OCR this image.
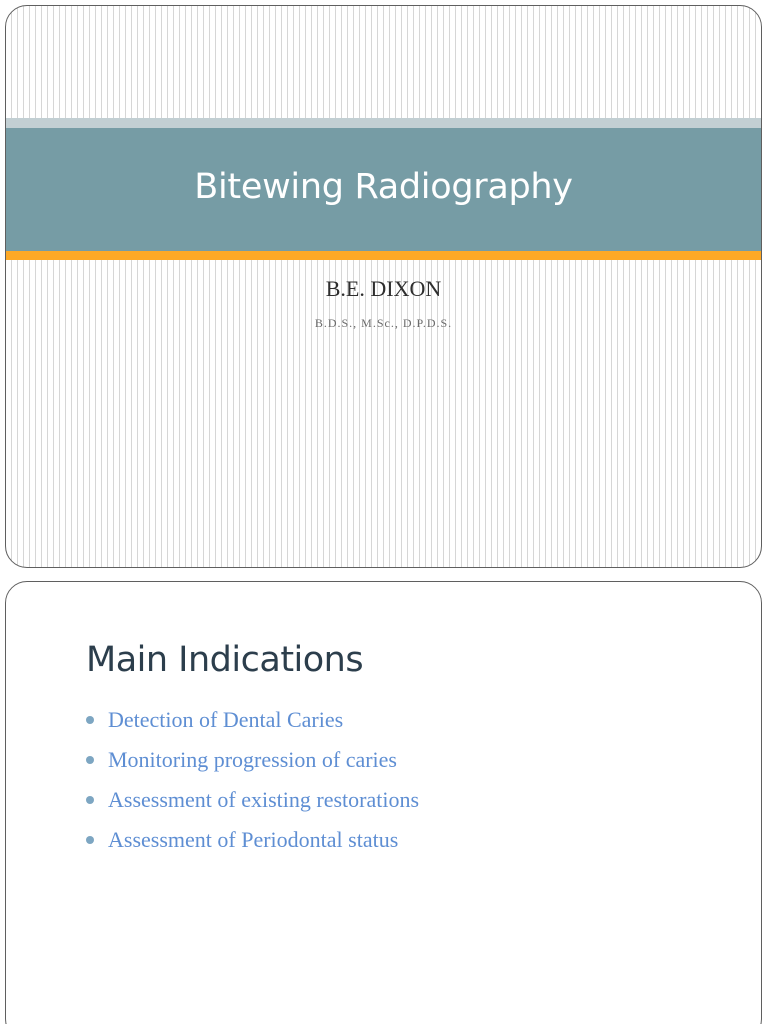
Bitewing Radiography
B.E. DIXON
B.D.S., M.Sc., D.P.D.S.
Main Indications
Detection of Dental Caries
Monitoring progression of caries
Assessment of existing restorations
Assessment of Periodontal status
